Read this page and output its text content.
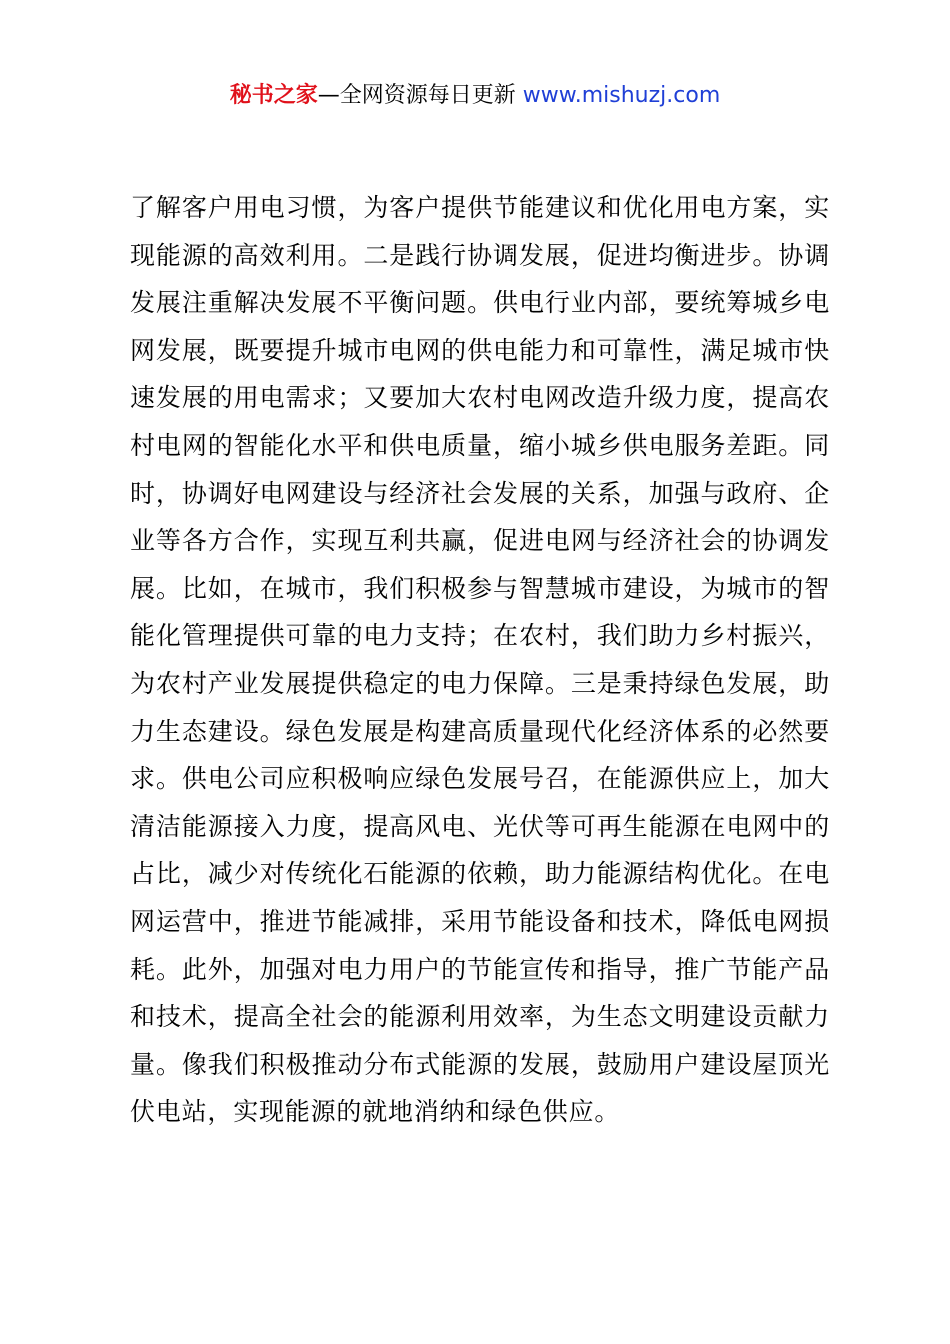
秘书之家—全网资源每日更新 www.mishuzj.com
了解客户用电习惯，为客户提供节能建议和优化用电方案，实
现能源的高效利用。二是践行协调发展，促进均衡进步。协调
发展注重解决发展不平衡问题。供电行业内部，要统筹城乡电
网发展，既要提升城市电网的供电能力和可靠性，满足城市快
速发展的用电需求；又要加大农村电网改造升级力度，提高农
村电网的智能化水平和供电质量，缩小城乡供电服务差距。同
时，协调好电网建设与经济社会发展的关系，加强与政府、企
业等各方合作，实现互利共赢，促进电网与经济社会的协调发
展。比如，在城市，我们积极参与智慧城市建设，为城市的智
能化管理提供可靠的电力支持；在农村，我们助力乡村振兴，
为农村产业发展提供稳定的电力保障。三是秉持绿色发展，助
力生态建设。绿色发展是构建高质量现代化经济体系的必然要
求。供电公司应积极响应绿色发展号召，在能源供应上，加大
清洁能源接入力度，提高风电、光伏等可再生能源在电网中的
占比，减少对传统化石能源的依赖，助力能源结构优化。在电
网运营中，推进节能减排，采用节能设备和技术，降低电网损
耗。此外，加强对电力用户的节能宣传和指导，推广节能产品
和技术，提高全社会的能源利用效率，为生态文明建设贡献力
量。像我们积极推动分布式能源的发展，鼓励用户建设屋顶光
伏电站，实现能源的就地消纳和绿色供应。
